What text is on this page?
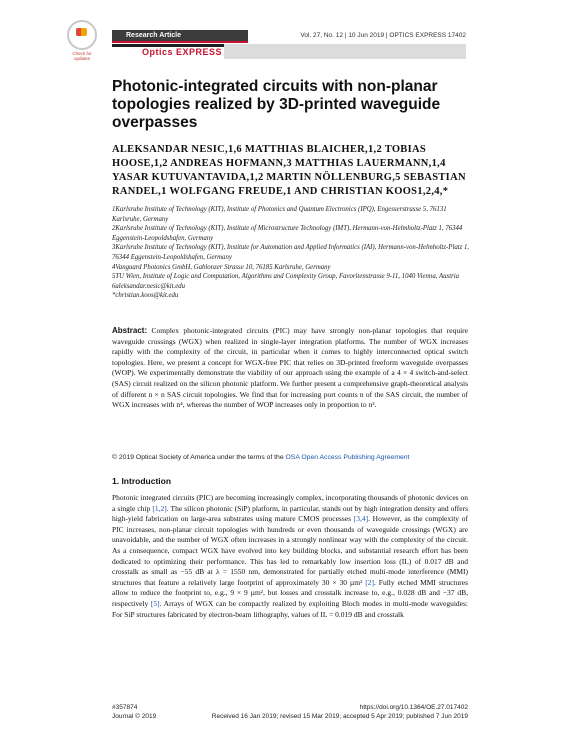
Check for updates
Research Article	Vol. 27, No. 12 | 10 Jun 2019 | OPTICS EXPRESS 17402
Optics EXPRESS
Photonic-integrated circuits with non-planar topologies realized by 3D-printed waveguide overpasses
ALEKSANDAR NESIC,1,6 MATTHIAS BLAICHER,1,2 TOBIAS HOOSE,1,2 ANDREAS HOFMANN,3 MATTHIAS LAUERMANN,1,4 YASAR KUTUVANTAVIDA,1,2 MARTIN NÖLLENBURG,5 SEBASTIAN RANDEL,1 WOLFGANG FREUDE,1 AND CHRISTIAN KOOS1,2,4,*
1Karlsruhe Institute of Technology (KIT), Institute of Photonics and Quantum Electronics (IPQ), Engesserstrasse 5, 76131 Karlsruhe, Germany
2Karlsruhe Institute of Technology (KIT), Institute of Microstructure Technology (IMT), Hermann-von-Helmholtz-Platz 1, 76344 Eggenstein-Leopoldshafen, Germany
3Karlsruhe Institute of Technology (KIT), Institute for Automation and Applied Informatics (IAI), Hermann-von-Helmholtz-Platz 1, 76344 Eggenstein-Leopoldshafen, Germany
4Vanguard Photonics GmbH, Gablonzer Strasse 10, 76185 Karlsruhe, Germany
5TU Wien, Institute of Logic and Computation, Algorithms and Complexity Group, Favoritenstrasse 9-11, 1040 Vienna, Austria
6aleksandar.nesic@kit.edu
*christian.koos@kit.edu
Abstract: Complex photonic-integrated circuits (PIC) may have strongly non-planar topologies that require waveguide crossings (WGX) when realized in single-layer integration platforms. The number of WGX increases rapidly with the complexity of the circuit, in particular when it comes to highly interconnected optical switch topologies. Here, we present a concept for WGX-free PIC that relies on 3D-printed freeform waveguide overpasses (WOP). We experimentally demonstrate the viability of our approach using the example of a 4 × 4 switch-and-select (SAS) circuit realized on the silicon photonic platform. We further present a comprehensive graph-theoretical analysis of different n × n SAS circuit topologies. We find that for increasing port counts n of the SAS circuit, the number of WGX increases with n⁴, whereas the number of WOP increases only in proportion to n².
© 2019 Optical Society of America under the terms of the OSA Open Access Publishing Agreement
1. Introduction
Photonic integrated circuits (PIC) are becoming increasingly complex, incorporating thousands of photonic devices on a single chip [1,2]. The silicon photonic (SiP) platform, in particular, stands out by high integration density and offers high-yield fabrication on large-area substrates using mature CMOS processes [3,4]. However, as the complexity of PIC increases, non-planar circuit topologies with hundreds or even thousands of waveguide crossings (WGX) are unavoidable, and the number of WGX often increases in a strongly nonlinear way with the complexity of the circuit. As a consequence, compact WGX have evolved into key building blocks, and substantial research effort has been dedicated to optimizing their performance. This has led to remarkably low insertion loss (IL) of 0.017 dB and crosstalk as small as −55 dB at λ = 1550 nm, demonstrated for partially etched multi-mode interference (MMI) structures that feature a relatively large footprint of approximately 30 × 30 µm² [2]. Fully etched MMI structures allow to reduce the footprint to, e.g., 9 × 9 µm², but losses and crosstalk increase to, e.g., 0.028 dB and −37 dB, respectively [5]. Arrays of WGX can be compactly realized by exploiting Bloch modes in multi-mode waveguides: For SiP structures fabricated by electron-beam lithography, values of IL = 0.019 dB and crosstalk
#357874
Journal © 2019
https://doi.org/10.1364/OE.27.017402
Received 16 Jan 2019; revised 15 Mar 2019; accepted 5 Apr 2019; published 7 Jun 2019
